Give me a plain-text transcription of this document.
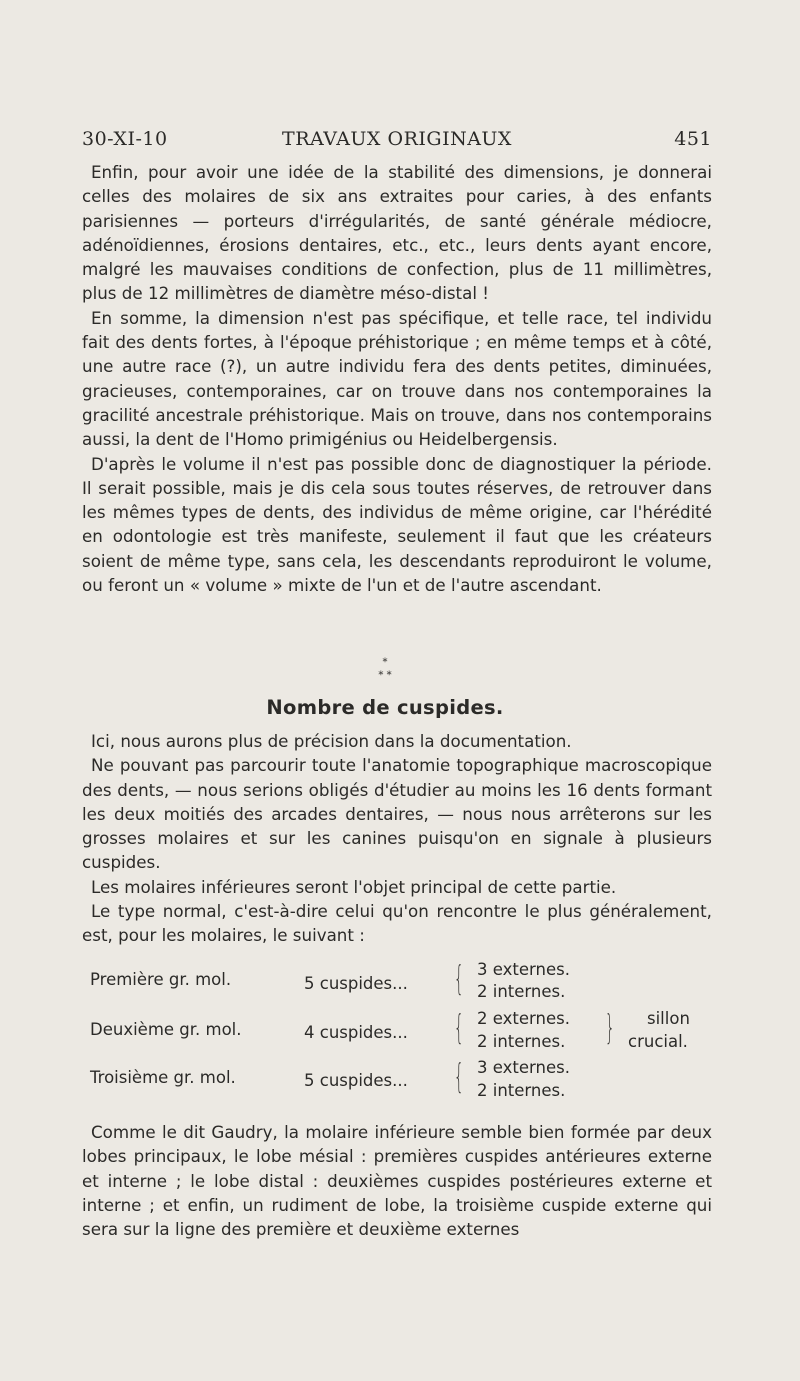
30-XI-10	TRAVAUX ORIGINAUX	451

Enfin, pour avoir une idée de la stabilité des dimensions, je donnerai celles des molaires de six ans extraites pour caries, à des enfants parisiennes — porteurs d'irrégularités, de santé générale médiocre, adénoïdiennes, érosions dentaires, etc., etc., leurs dents ayant encore, malgré les mauvaises conditions de confection, plus de 11 millimètres, plus de 12 millimètres de diamètre méso-distal !

En somme, la dimension n'est pas spécifique, et telle race, tel individu fait des dents fortes, à l'époque préhistorique ; en même temps et à côté, une autre race (?), un autre individu fera des dents petites, diminuées, gracieuses, contemporaines, car on trouve dans nos contemporaines la gracilité ancestrale préhistorique. Mais on trouve, dans nos contemporains aussi, la dent de l'Homo primigénius ou Heidelbergensis.

D'après le volume il n'est pas possible donc de diagnostiquer la période. Il serait possible, mais je dis cela sous toutes réserves, de retrouver dans les mêmes types de dents, des individus de même origine, car l'hérédité en odontologie est très manifeste, seulement il faut que les créateurs soient de même type, sans cela, les descendants reproduiront le volume, ou feront un « volume » mixte de l'un et de l'autre ascendant.

*
* *
Nombre de cuspides.

Ici, nous aurons plus de précision dans la documentation.

Ne pouvant pas parcourir toute l'anatomie topographique macroscopique des dents, — nous serions obligés d'étudier au moins les 16 dents formant les deux moitiés des arcades dentaires, — nous nous arrêterons sur les grosses molaires et sur les canines puisqu'on en signale à plusieurs cuspides.

Les molaires inférieures seront l'objet principal de cette partie.

Le type normal, c'est-à-dire celui qu'on rencontre le plus généralement, est, pour les molaires, le suivant :

Première gr. mol.	5 cuspides... { 3 externes.
2 internes.
Deuxième gr. mol.	4 cuspides... { 2 externes.
2 internes. } sillon
crucial.
Troisième gr. mol.	5 cuspides... { 3 externes.
2 internes.

Comme le dit Gaudry, la molaire inférieure semble bien formée par deux lobes principaux, le lobe mésial : premières cuspides antérieures externe et interne ; le lobe distal : deuxièmes cuspides postérieures externe et interne ; et enfin, un rudiment de lobe, la troisième cuspide externe qui sera sur la ligne des première et deuxième externes
